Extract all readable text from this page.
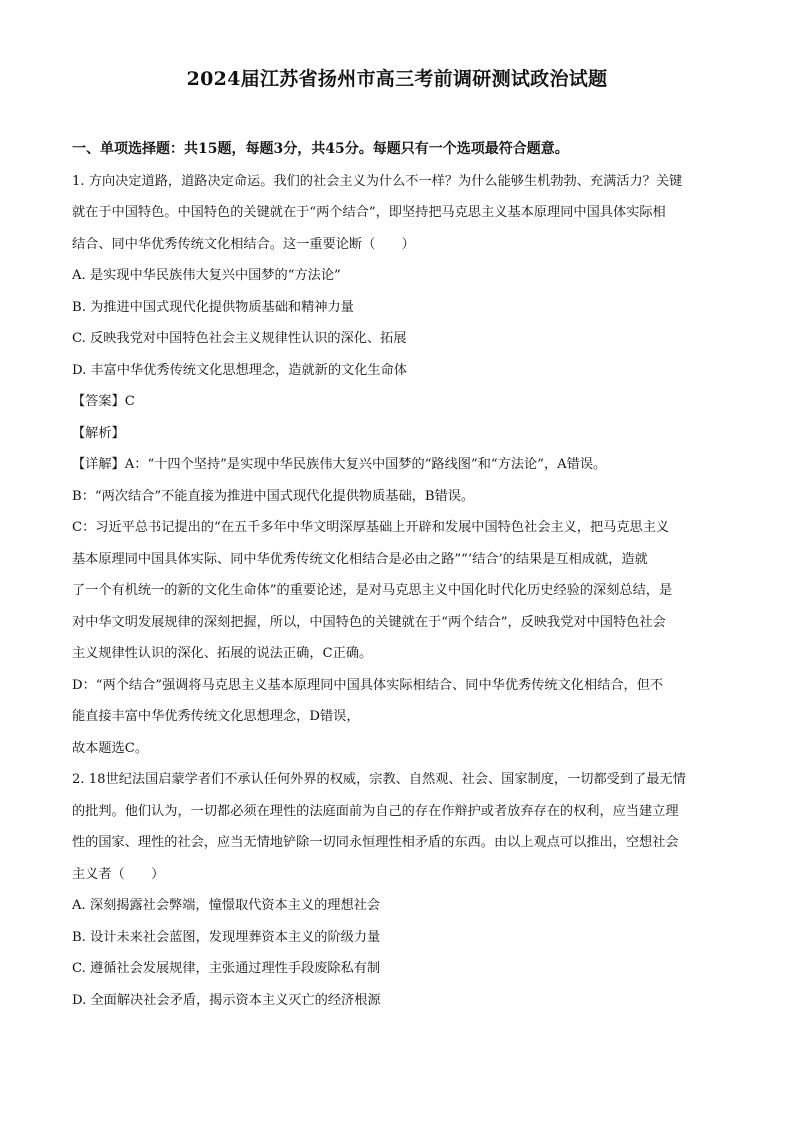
2024届江苏省扬州市高三考前调研测试政治试题
一、单项选择题：共15题，每题3分，共45分。每题只有一个选项最符合题意。
1. 方向决定道路，道路决定命运。我们的社会主义为什么不一样？为什么能够生机勃勃、充满活力？关键
就在于中国特色。中国特色的关键就在于“两个结合”，即坚持把马克思主义基本原理同中国具体实际相
结合、同中华优秀传统文化相结合。这一重要论断（　　）
A. 是实现中华民族伟大复兴中国梦的“方法论”
B. 为推进中国式现代化提供物质基础和精神力量
C. 反映我党对中国特色社会主义规律性认识的深化、拓展
D. 丰富中华优秀传统文化思想理念，造就新的文化生命体
【答案】C
【解析】
【详解】A：“十四个坚持”是实现中华民族伟大复兴中国梦的“路线图”和“方法论”，A错误。
B：“两次结合”不能直接为推进中国式现代化提供物质基础，B错误。
C：习近平总书记提出的“在五千多年中华文明深厚基础上开辟和发展中国特色社会主义，把马克思主义
基本原理同中国具体实际、同中华优秀传统文化相结合是必由之路”“‘结合’的结果是互相成就，造就
了一个有机统一的新的文化生命体”的重要论述，是对马克思主义中国化时代化历史经验的深刻总结，是
对中华文明发展规律的深刻把握，所以，中国特色的关键就在于“两个结合”，反映我党对中国特色社会
主义规律性认识的深化、拓展的说法正确，C正确。
D：“两个结合”强调将马克思主义基本原理同中国具体实际相结合、同中华优秀传统文化相结合，但不
能直接丰富中华优秀传统文化思想理念，D错误，
故本题选C。
2. 18世纪法国启蒙学者们不承认任何外界的权威，宗教、自然观、社会、国家制度，一切都受到了最无情
的批判。他们认为，一切都必须在理性的法庭面前为自己的存在作辩护或者放弃存在的权利，应当建立理
性的国家、理性的社会，应当无情地铲除一切同永恒理性相矛盾的东西。由以上观点可以推出，空想社会
主义者（　　）
A. 深刻揭露社会弊端，憧憬取代资本主义的理想社会
B. 设计未来社会蓝图，发现埋葬资本主义的阶级力量
C. 遵循社会发展规律，主张通过理性手段废除私有制
D. 全面解决社会矛盾，揭示资本主义灭亡的经济根源
